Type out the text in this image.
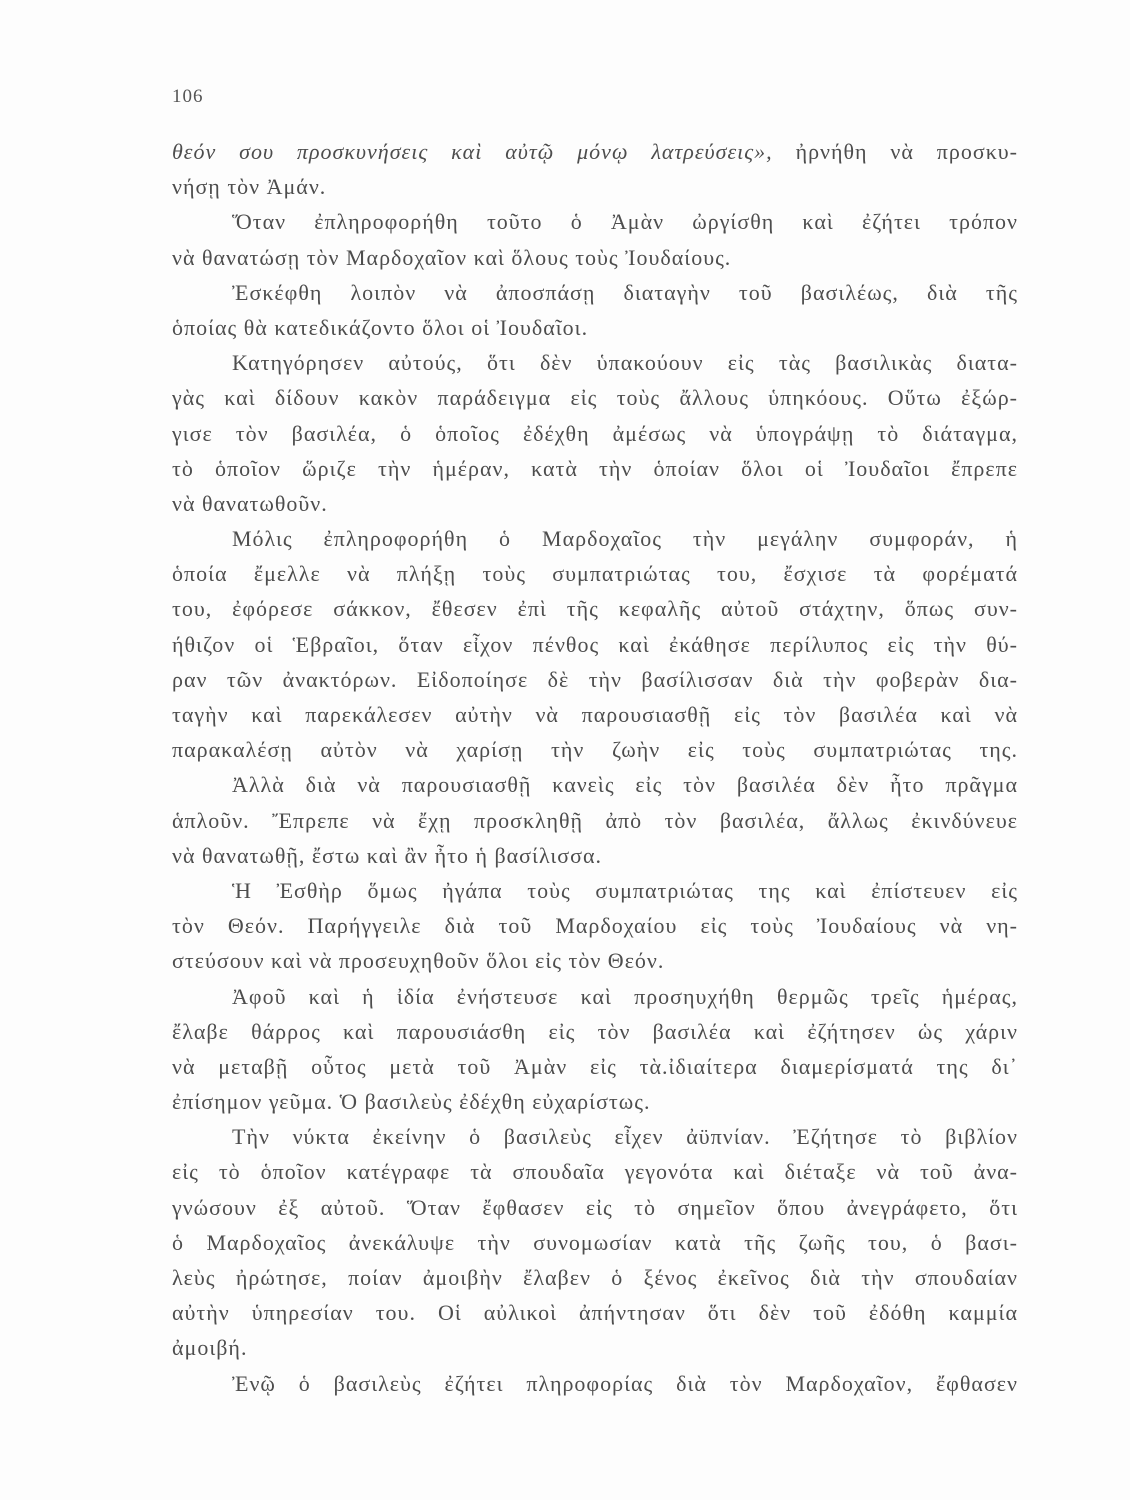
106
θεόν σου προσκυνήσεις καὶ αὐτῷ μόνῳ λατρεύσεις», ἠρνήθη νὰ προσκυ-
νήσῃ τὸν Ἀμάν.
Ὅταν ἐπληροφορήθη τοῦτο ὁ Ἀμὰν ὠργίσθη καὶ ἐζήτει τρόπον
νὰ θανατώσῃ τὸν Μαρδοχαῖον καὶ ὅλους τοὺς Ἰουδαίους.
Ἐσκέφθη λοιπὸν νὰ ἀποσπάσῃ διαταγὴν τοῦ βασιλέως, διὰ τῆς
ὁποίας θὰ κατεδικάζοντο ὅλοι οἱ Ἰουδαῖοι.
Κατηγόρησεν αὐτούς, ὅτι δὲν ὑπακούουν εἰς τὰς βασιλικὰς διατα-
γὰς καὶ δίδουν κακὸν παράδειγμα εἰς τοὺς ἄλλους ὑπηκόους. Οὕτω ἐξώρ-
γισε τὸν βασιλέα, ὁ ὁποῖος ἐδέχθη ἀμέσως νὰ ὑπογράψῃ τὸ διάταγμα,
τὸ ὁποῖον ὥριζε τὴν ἡμέραν, κατὰ τὴν ὁποίαν ὅλοι οἱ Ἰουδαῖοι ἔπρεπε
νὰ θανατωθοῦν.
Μόλις ἐπληροφορήθη ὁ Μαρδοχαῖος τὴν μεγάλην συμφοράν, ἡ
ὁποία ἔμελλε νὰ πλήξῃ τοὺς συμπατριώτας του, ἔσχισε τὰ φορέματά
του, ἐφόρεσε σάκκον, ἔθεσεν ἐπὶ τῆς κεφαλῆς αὐτοῦ στάχτην, ὅπως συν-
ήθιζον οἱ Ἑβραῖοι, ὅταν εἶχον πένθος καὶ ἐκάθησε περίλυπος εἰς τὴν θύ-
ραν τῶν ἀνακτόρων. Εἰδοποίησε δὲ τὴν βασίλισσαν διὰ τὴν φοβερὰν δια-
ταγὴν καὶ παρεκάλεσεν αὐτὴν νὰ παρουσιασθῇ εἰς τὸν βασιλέα καὶ νὰ
παρακαλέσῃ αὐτὸν νὰ χαρίσῃ τὴν ζωὴν εἰς τοὺς συμπατριώτας της.
Ἀλλὰ διὰ νὰ παρουσιασθῇ κανεὶς εἰς τὸν βασιλέα δὲν ἦτο πρᾶγμα
ἁπλοῦν. Ἔπρεπε νὰ ἔχῃ προσκληθῇ ἀπὸ τὸν βασιλέα, ἄλλως ἐκινδύνευε
νὰ θανατωθῇ, ἔστω καὶ ἂν ἦτο ἡ βασίλισσα.
Ἡ Ἐσθὴρ ὅμως ἠγάπα τοὺς συμπατριώτας της καὶ ἐπίστευεν εἰς
τὸν Θεόν. Παρήγγειλε διὰ τοῦ Μαρδοχαίου εἰς τοὺς Ἰουδαίους νὰ νη-
στεύσουν καὶ νὰ προσευχηθοῦν ὅλοι εἰς τὸν Θεόν.
Ἀφοῦ καὶ ἡ ἰδία ἐνήστευσε καὶ προσηυχήθη θερμῶς τρεῖς ἡμέρας,
ἔλαβε θάρρος καὶ παρουσιάσθη εἰς τὸν βασιλέα καὶ ἐζήτησεν ὡς χάριν
νὰ μεταβῇ οὗτος μετὰ τοῦ Ἀμὰν εἰς τὰ.ἰδιαίτερα διαμερίσματά της δι᾿
ἐπίσημον γεῦμα. Ὁ βασιλεὺς ἐδέχθη εὐχαρίστως.
Τὴν νύκτα ἐκείνην ὁ βασιλεὺς εἶχεν ἀϋπνίαν. Ἐζήτησε τὸ βιβλίον
εἰς τὸ ὁποῖον κατέγραφε τὰ σπουδαῖα γεγονότα καὶ διέταξε νὰ τοῦ ἀνα-
γνώσουν ἐξ αὐτοῦ. Ὅταν ἔφθασεν εἰς τὸ σημεῖον ὅπου ἀνεγράφετο, ὅτι
ὁ Μαρδοχαῖος ἀνεκάλυψε τὴν συνομωσίαν κατὰ τῆς ζωῆς του, ὁ βασι-
λεὺς ἠρώτησε, ποίαν ἀμοιβὴν ἔλαβεν ὁ ξένος ἐκεῖνος διὰ τὴν σπουδαίαν
αὐτὴν ὑπηρεσίαν του. Οἱ αὐλικοὶ ἀπήντησαν ὅτι δὲν τοῦ ἐδόθη καμμία
ἀμοιβή.
Ἐνῷ ὁ βασιλεὺς ἐζήτει πληροφορίας διὰ τὸν Μαρδοχαῖον, ἔφθασεν
